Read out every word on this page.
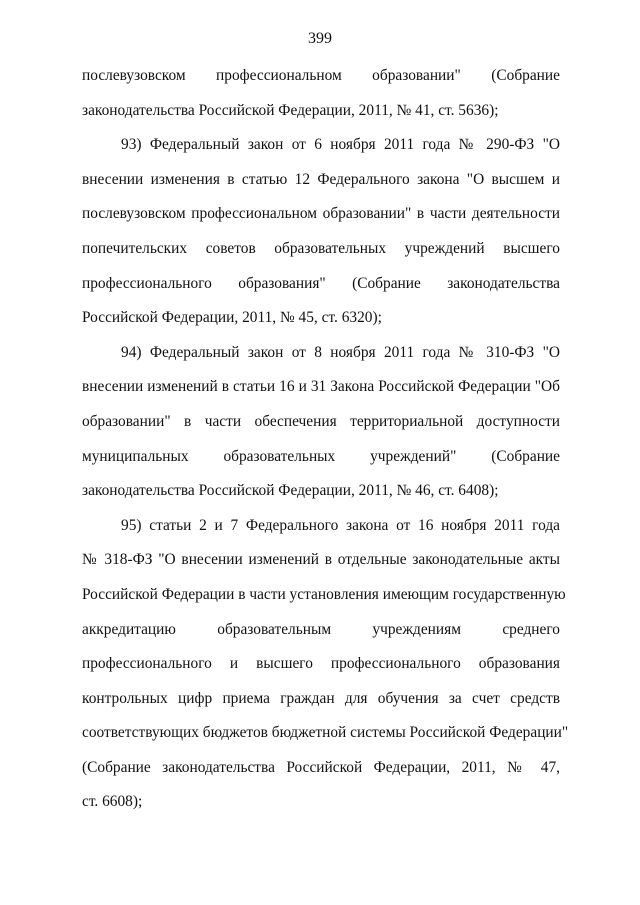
399
послевузовском профессиональном образовании" (Собрание
законодательства Российской Федерации, 2011, № 41, ст. 5636);
93) Федеральный закон от 6 ноября 2011 года № 290-ФЗ "О
внесении изменения в статью 12 Федерального закона "О высшем и
послевузовском профессиональном образовании" в части деятельности
попечительских советов образовательных учреждений высшего
профессионального образования" (Собрание законодательства
Российской Федерации, 2011, № 45, ст. 6320);
94) Федеральный закон от 8 ноября 2011 года № 310-ФЗ "О
внесении изменений в статьи 16 и 31 Закона Российской Федерации "Об
образовании" в части обеспечения территориальной доступности
муниципальных образовательных учреждений" (Собрание
законодательства Российской Федерации, 2011, № 46, ст. 6408);
95) статьи 2 и 7 Федерального закона от 16 ноября 2011 года
№ 318-ФЗ "О внесении изменений в отдельные законодательные акты
Российской Федерации в части установления имеющим государственную
аккредитацию образовательным учреждениям среднего
профессионального и высшего профессионального образования
контрольных цифр приема граждан для обучения за счет средств
соответствующих бюджетов бюджетной системы Российской Федерации"
(Собрание законодательства Российской Федерации, 2011, № 47,
ст. 6608);
